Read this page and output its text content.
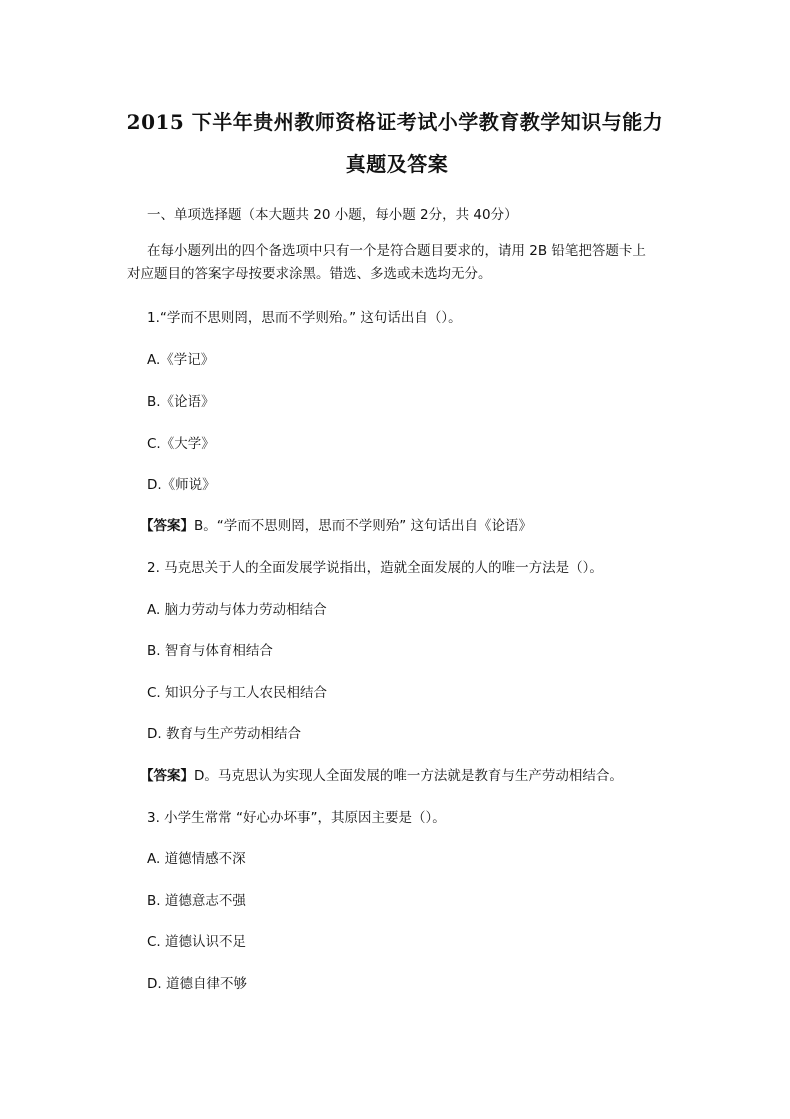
2015 下半年贵州教师资格证考试小学教育教学知识与能力
真题及答案
一、单项选择题（本大题共 20 小题，每小题 2分，共 40分）
在每小题列出的四个备选项中只有一个是符合题目要求的，请用 2B 铅笔把答题卡上
对应题目的答案字母按要求涂黑。错选、多选或未选均无分。
1.“学而不思则罔，思而不学则殆。” 这句话出自（）。
A.《学记》
B.《论语》
C.《大学》
D.《师说》
【答案】B。“学而不思则罔，思而不学则殆” 这句话出自《论语》
2. 马克思关于人的全面发展学说指出，造就全面发展的人的唯一方法是（）。
A. 脑力劳动与体力劳动相结合
B. 智育与体育相结合
C. 知识分子与工人农民相结合
D. 教育与生产劳动相结合
【答案】D。马克思认为实现人全面发展的唯一方法就是教育与生产劳动相结合。
3. 小学生常常 “好心办坏事”，其原因主要是（）。
A. 道德情感不深
B. 道德意志不强
C. 道德认识不足
D. 道德自律不够
